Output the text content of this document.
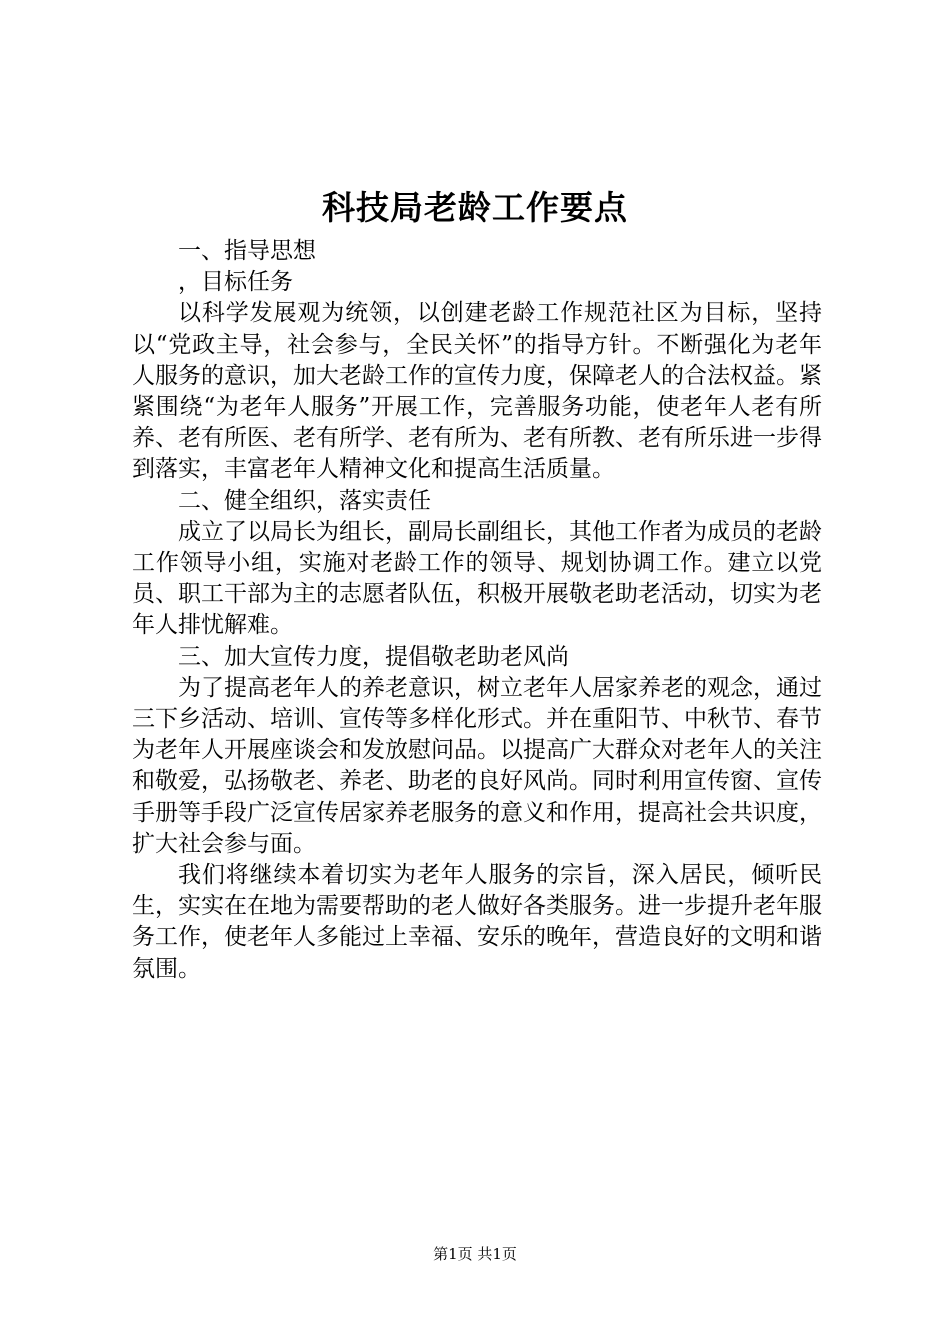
科技局老龄工作要点

一、指导思想

，目标任务

以科学发展观为统领，以创建老龄工作规范社区为目标，坚持以“党政主导，社会参与，全民关怀”的指导方针。不断强化为老年人服务的意识，加大老龄工作的宣传力度，保障老人的合法权益。紧紧围绕“为老年人服务”开展工作，完善服务功能，使老年人老有所养、老有所医、老有所学、老有所为、老有所教、老有所乐进一步得到落实，丰富老年人精神文化和提高生活质量。

二、健全组织，落实责任

成立了以局长为组长，副局长副组长，其他工作者为成员的老龄工作领导小组，实施对老龄工作的领导、规划协调工作。建立以党员、职工干部为主的志愿者队伍，积极开展敬老助老活动，切实为老年人排忧解难。

三、加大宣传力度，提倡敬老助老风尚

为了提高老年人的养老意识，树立老年人居家养老的观念，通过三下乡活动、培训、宣传等多样化形式。并在重阳节、中秋节、春节为老年人开展座谈会和发放慰问品。以提高广大群众对老年人的关注和敬爱，弘扬敬老、养老、助老的良好风尚。同时利用宣传窗、宣传手册等手段广泛宣传居家养老服务的意义和作用，提高社会共识度，扩大社会参与面。

我们将继续本着切实为老年人服务的宗旨，深入居民，倾听民生，实实在在地为需要帮助的老人做好各类服务。进一步提升老年服务工作，使老年人多能过上幸福、安乐的晚年，营造良好的文明和谐氛围。

第1页 共1页
